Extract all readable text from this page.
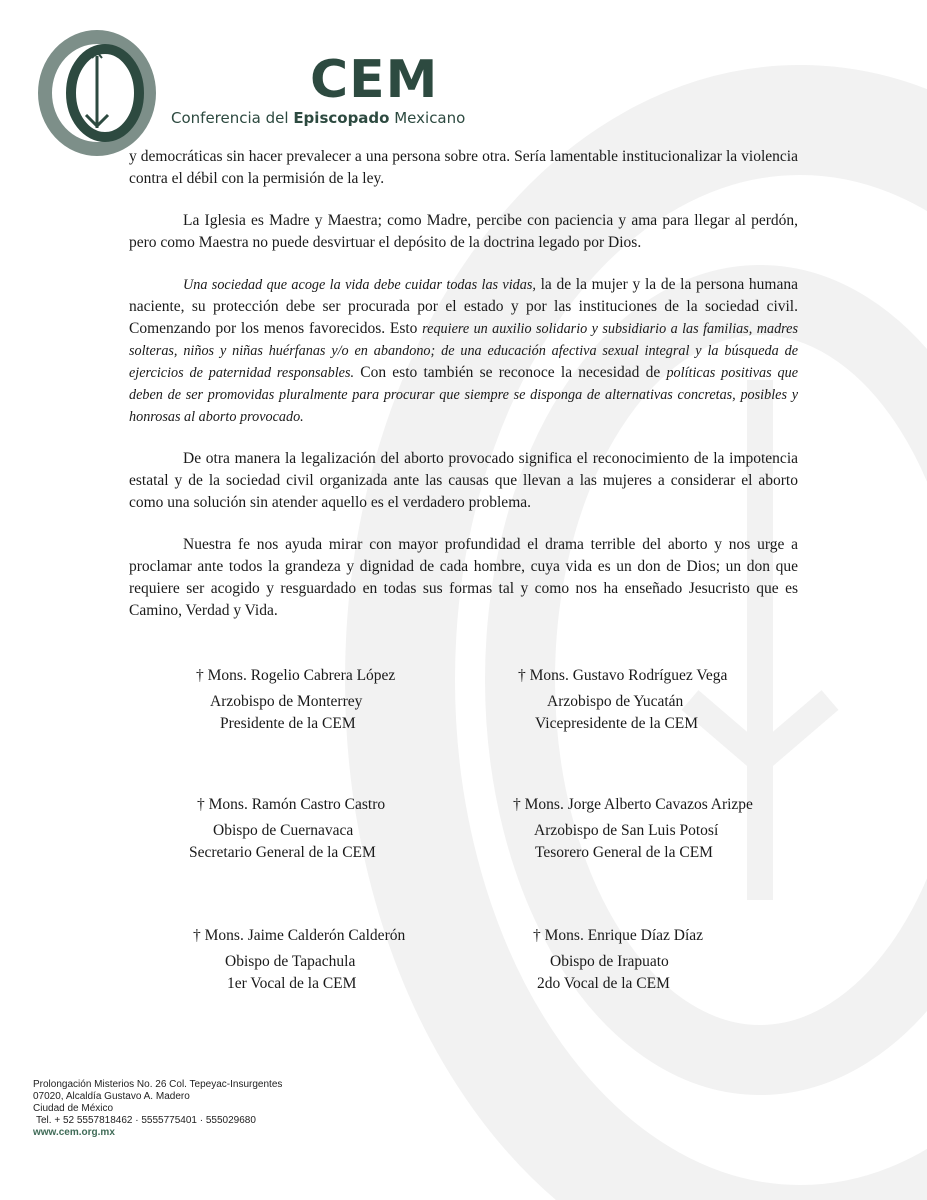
CEM
Conferencia del Episcopado Mexicano

y democráticas sin hacer prevalecer a una persona sobre otra. Sería lamentable institucionalizar la violencia contra el débil con la permisión de la ley.

La Iglesia es Madre y Maestra; como Madre, percibe con paciencia y ama para llegar al perdón, pero como Maestra no puede desvirtuar el depósito de la doctrina legado por Dios.

Una sociedad que acoge la vida debe cuidar todas las vidas, la de la mujer y la de la persona humana naciente, su protección debe ser procurada por el estado y por las instituciones de la sociedad civil. Comenzando por los menos favorecidos. Esto requiere un auxilio solidario y subsidiario a las familias, madres solteras, niños y niñas huérfanas y/o en abandono; de una educación afectiva sexual integral y la búsqueda de ejercicios de paternidad responsables. Con esto también se reconoce la necesidad de políticas positivas que deben de ser promovidas pluralmente para procurar que siempre se disponga de alternativas concretas, posibles y honrosas al aborto provocado.

De otra manera la legalización del aborto provocado significa el reconocimiento de la impotencia estatal y de la sociedad civil organizada ante las causas que llevan a las mujeres a considerar el aborto como una solución sin atender aquello es el verdadero problema.

Nuestra fe nos ayuda mirar con mayor profundidad el drama terrible del aborto y nos urge a proclamar ante todos la grandeza y dignidad de cada hombre, cuya vida es un don de Dios; un don que requiere ser acogido y resguardado en todas sus formas tal y como nos ha enseñado Jesucristo que es Camino, Verdad y Vida.

† Mons. Rogelio Cabrera López
Arzobispo de Monterrey
Presidente de la CEM
† Mons. Gustavo Rodríguez Vega
Arzobispo de Yucatán
Vicepresidente de la CEM
† Mons. Ramón Castro Castro
Obispo de Cuernavaca
Secretario General de la CEM
† Mons. Jorge Alberto Cavazos Arizpe
Arzobispo de San Luis Potosí
Tesorero General de la CEM
† Mons. Jaime Calderón Calderón
Obispo de Tapachula
1er Vocal de la CEM
† Mons. Enrique Díaz Díaz
Obispo de Irapuato
2do Vocal de la CEM
Prolongación Misterios No. 26 Col. Tepeyac-Insurgentes
07020, Alcaldía Gustavo A. Madero
Ciudad de México
Tel. + 52 5557818462 · 5555775401 · 555029680
www.cem.org.mx
